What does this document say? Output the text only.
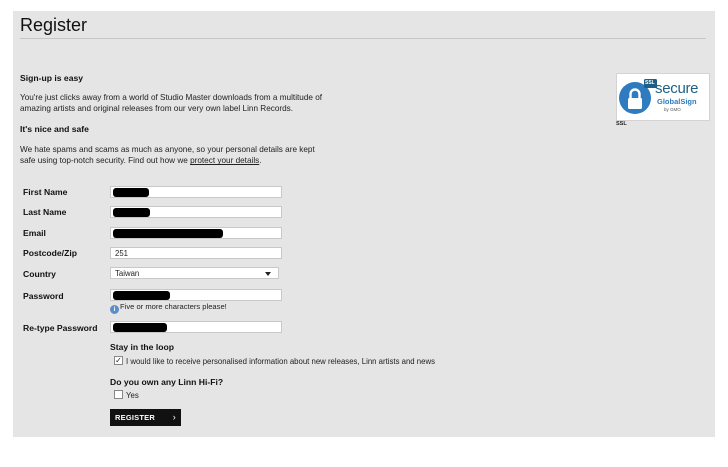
Register
Sign-up is easy
You're just clicks away from a world of Studio Master downloads from a multitude of
amazing artists and original releases from our very own label Linn Records.
It's nice and safe
We hate spams and scams as much as anyone, so your personal details are kept
safe using top-notch security. Find out how we protect your details.
SSL secure
GlobalSign
by GMO
SSL
First Name
Last Name
Email
Postcode/Zip	251
Country	Taiwan
Password
i Five or more characters please!
Re-type Password
Stay in the loop
✓ I would like to receive personalised information about new releases, Linn artists and news
Do you own any Linn Hi-Fi?
Yes
REGISTER ›
